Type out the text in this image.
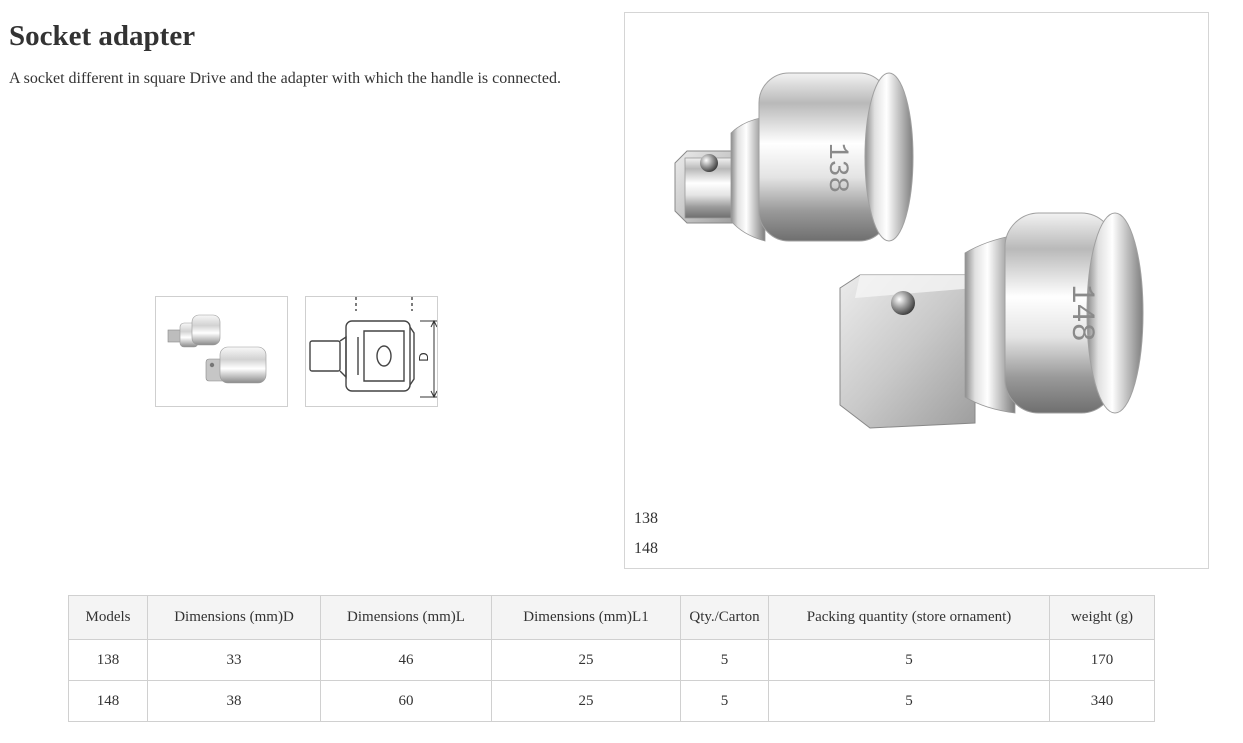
Socket adapter
A socket different in square Drive and the adapter with which the handle is connected.
D
138
148
138
148
Models	Dimensions (mm)D	Dimensions (mm)L	Dimensions (mm)L1	Qty./Carton	Packing quantity (store ornament)	weight (g)
138	33	46	25	5	5	170
148	38	60	25	5	5	340
